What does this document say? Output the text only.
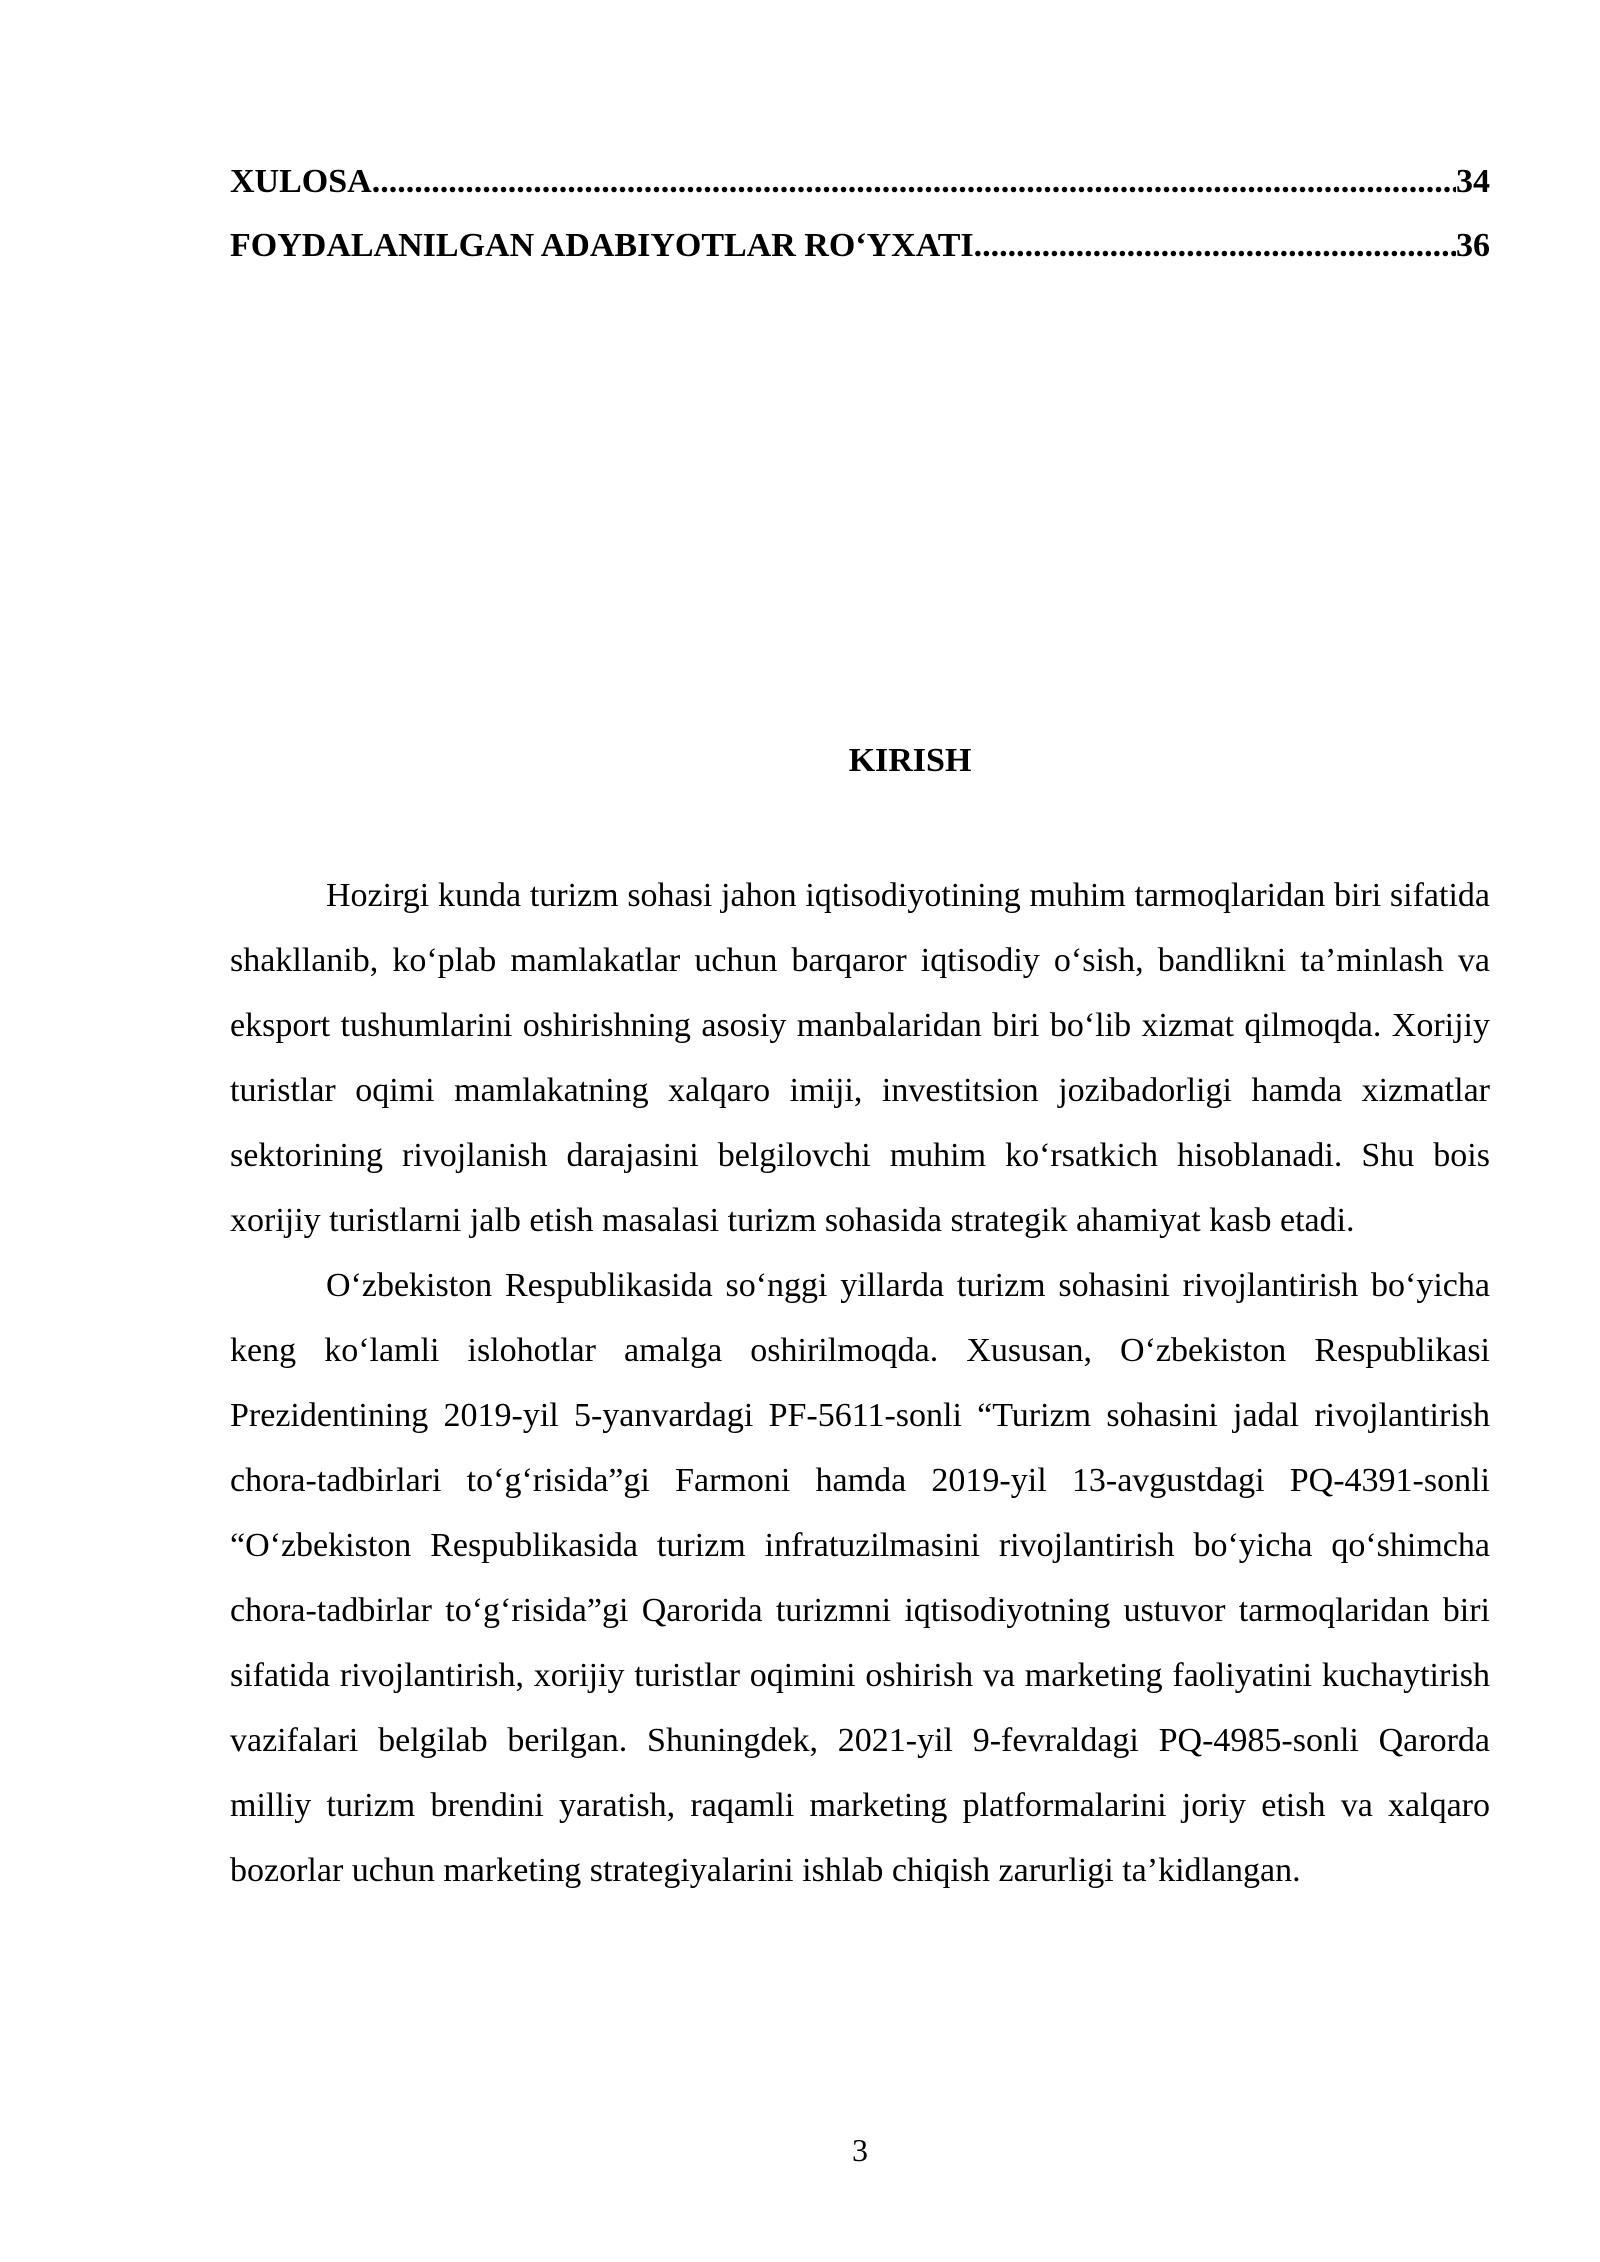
XULOSA .....	34
FOYDALANILGAN ADABIYOTLAR RO‘YXATI .....	36
KIRISH

Hozirgi kunda turizm sohasi jahon iqtisodiyotining muhim tarmoqlaridan biri sifatida shakllanib, ko‘plab mamlakatlar uchun barqaror iqtisodiy o‘sish, bandlikni ta’minlash va eksport tushumlarini oshirishning asosiy manbalaridan biri bo‘lib xizmat qilmoqda. Xorijiy turistlar oqimi mamlakatning xalqaro imiji, investitsion jozibadorligi hamda xizmatlar sektorining rivojlanish darajasini belgilovchi muhim ko‘rsatkich hisoblanadi. Shu bois xorijiy turistlarni jalb etish masalasi turizm sohasida strategik ahamiyat kasb etadi.

O‘zbekiston Respublikasida so‘nggi yillarda turizm sohasini rivojlantirish bo‘yicha keng ko‘lamli islohotlar amalga oshirilmoqda. Xususan, O‘zbekiston Respublikasi Prezidentining 2019-yil 5-yanvardagi PF-5611-sonli “Turizm sohasini jadal rivojlantirish chora-tadbirlari to‘g‘risida”gi Farmoni hamda 2019-yil 13-avgustdagi PQ-4391-sonli “O‘zbekiston Respublikasida turizm infratuzilmasini rivojlantirish bo‘yicha qo‘shimcha chora-tadbirlar to‘g‘risida”gi Qarorida turizmni iqtisodiyotning ustuvor tarmoqlaridan biri sifatida rivojlantirish, xorijiy turistlar oqimini oshirish va marketing faoliyatini kuchaytirish vazifalari belgilab berilgan. Shuningdek, 2021-yil 9-fevraldagi PQ-4985-sonli Qarorda milliy turizm brendini yaratish, raqamli marketing platformalarini joriy etish va xalqaro bozorlar uchun marketing strategiyalarini ishlab chiqish zarurligi ta’kidlangan.

3
